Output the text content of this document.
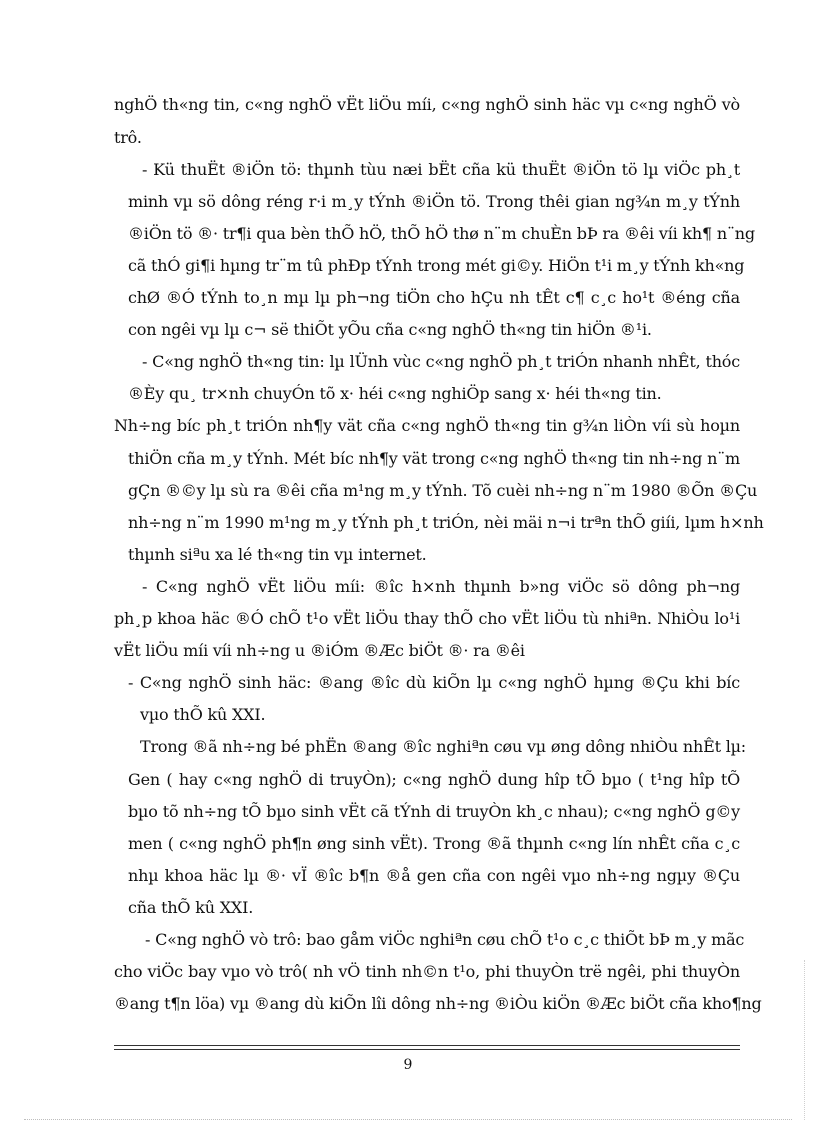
nghÖ th«ng tin, c«ng nghÖ vËt liÖu míi, c«ng nghÖ sinh häc vµ c«ng nghÖ vò
trô.
- Kü thuËt ®iÖn tö: thµnh tùu næi bËt cña kü thuËt ®iÖn tö lµ viÖc ph¸t
minh vµ sö dông réng r·i m¸y tÝnh ®iÖn tö. Trong thêi gian ng¾n m¸y tÝnh
®iÖn tö ®· tr¶i qua bèn thÕ hÖ, thÕ hÖ thø n¨m chuÈn bÞ ra ®êi víi kh¶ n¨ng
cã thÓ gi¶i hµng tr¨m tû phÐp tÝnh trong mét gi©y. HiÖn t¹i m¸y tÝnh kh«ng
chØ ®Ó tÝnh to¸n mµ lµ ph¬ng tiÖn cho hÇu nh tÊt c¶ c¸c ho¹t ®éng cña
con ngêi vµ lµ c¬ së thiÕt yÕu cña c«ng nghÖ th«ng tin hiÖn ®¹i.
- C«ng nghÖ th«ng tin: lµ lÜnh vùc c«ng nghÖ ph¸t triÓn nhanh nhÊt, thóc
®Èy qu¸ tr×nh chuyÓn tõ x· héi c«ng nghiÖp sang x· héi th«ng tin.
Nh÷ng bíc ph¸t triÓn nh¶y vät cña c«ng nghÖ th«ng tin g¾n liÒn víi sù hoµn
thiÖn cña m¸y tÝnh. Mét bíc nh¶y vät trong c«ng nghÖ th«ng tin nh÷ng n¨m
gÇn ®©y lµ sù ra ®êi cña m¹ng m¸y tÝnh. Tõ cuèi nh÷ng n¨m 1980 ®Õn ®Çu
nh÷ng n¨m 1990 m¹ng m¸y tÝnh ph¸t triÓn, nèi mäi n¬i trªn thÕ giíi, lµm h×nh
thµnh siªu xa lé th«ng tin vµ internet.
- C«ng nghÖ vËt liÖu míi: ®îc h×nh thµnh b»ng viÖc sö dông ph¬ng
ph¸p khoa häc ®Ó chÕ t¹o vËt liÖu thay thÕ cho vËt liÖu tù nhiªn. NhiÒu lo¹i
vËt liÖu míi víi nh÷ng u ®iÓm ®Æc biÖt ®· ra ®êi
- C«ng nghÖ sinh häc: ®ang ®îc dù kiÕn lµ c«ng nghÖ hµng ®Çu khi bíc
vµo thÕ kû XXI.
Trong ®ã nh÷ng bé phËn ®ang ®îc nghiªn cøu vµ øng dông nhiÒu nhÊt lµ:
Gen ( hay c«ng nghÖ di truyÒn); c«ng nghÖ dung hîp tÕ bµo ( t¹ng hîp tÕ
bµo tõ nh÷ng tÕ bµo sinh vËt cã tÝnh di truyÒn kh¸c nhau); c«ng nghÖ g©y
men ( c«ng nghÖ ph¶n øng sinh vËt). Trong ®ã thµnh c«ng lín nhÊt cña c¸c
nhµ khoa häc lµ ®· vÏ ®îc b¶n ®å gen cña con ngêi vµo nh÷ng ngµy ®Çu
cña thÕ kû XXI.
- C«ng nghÖ vò trô: bao gåm viÖc nghiªn cøu chÕ t¹o c¸c thiÕt bÞ m¸y mãc
cho viÖc bay vµo vò trô( nh vÖ tinh nh©n t¹o, phi thuyÒn trë ngêi, phi thuyÒn
®ang t¶n löa) vµ ®ang dù kiÕn lîi dông nh÷ng ®iÒu kiÖn ®Æc biÖt cña kho¶ng
9
